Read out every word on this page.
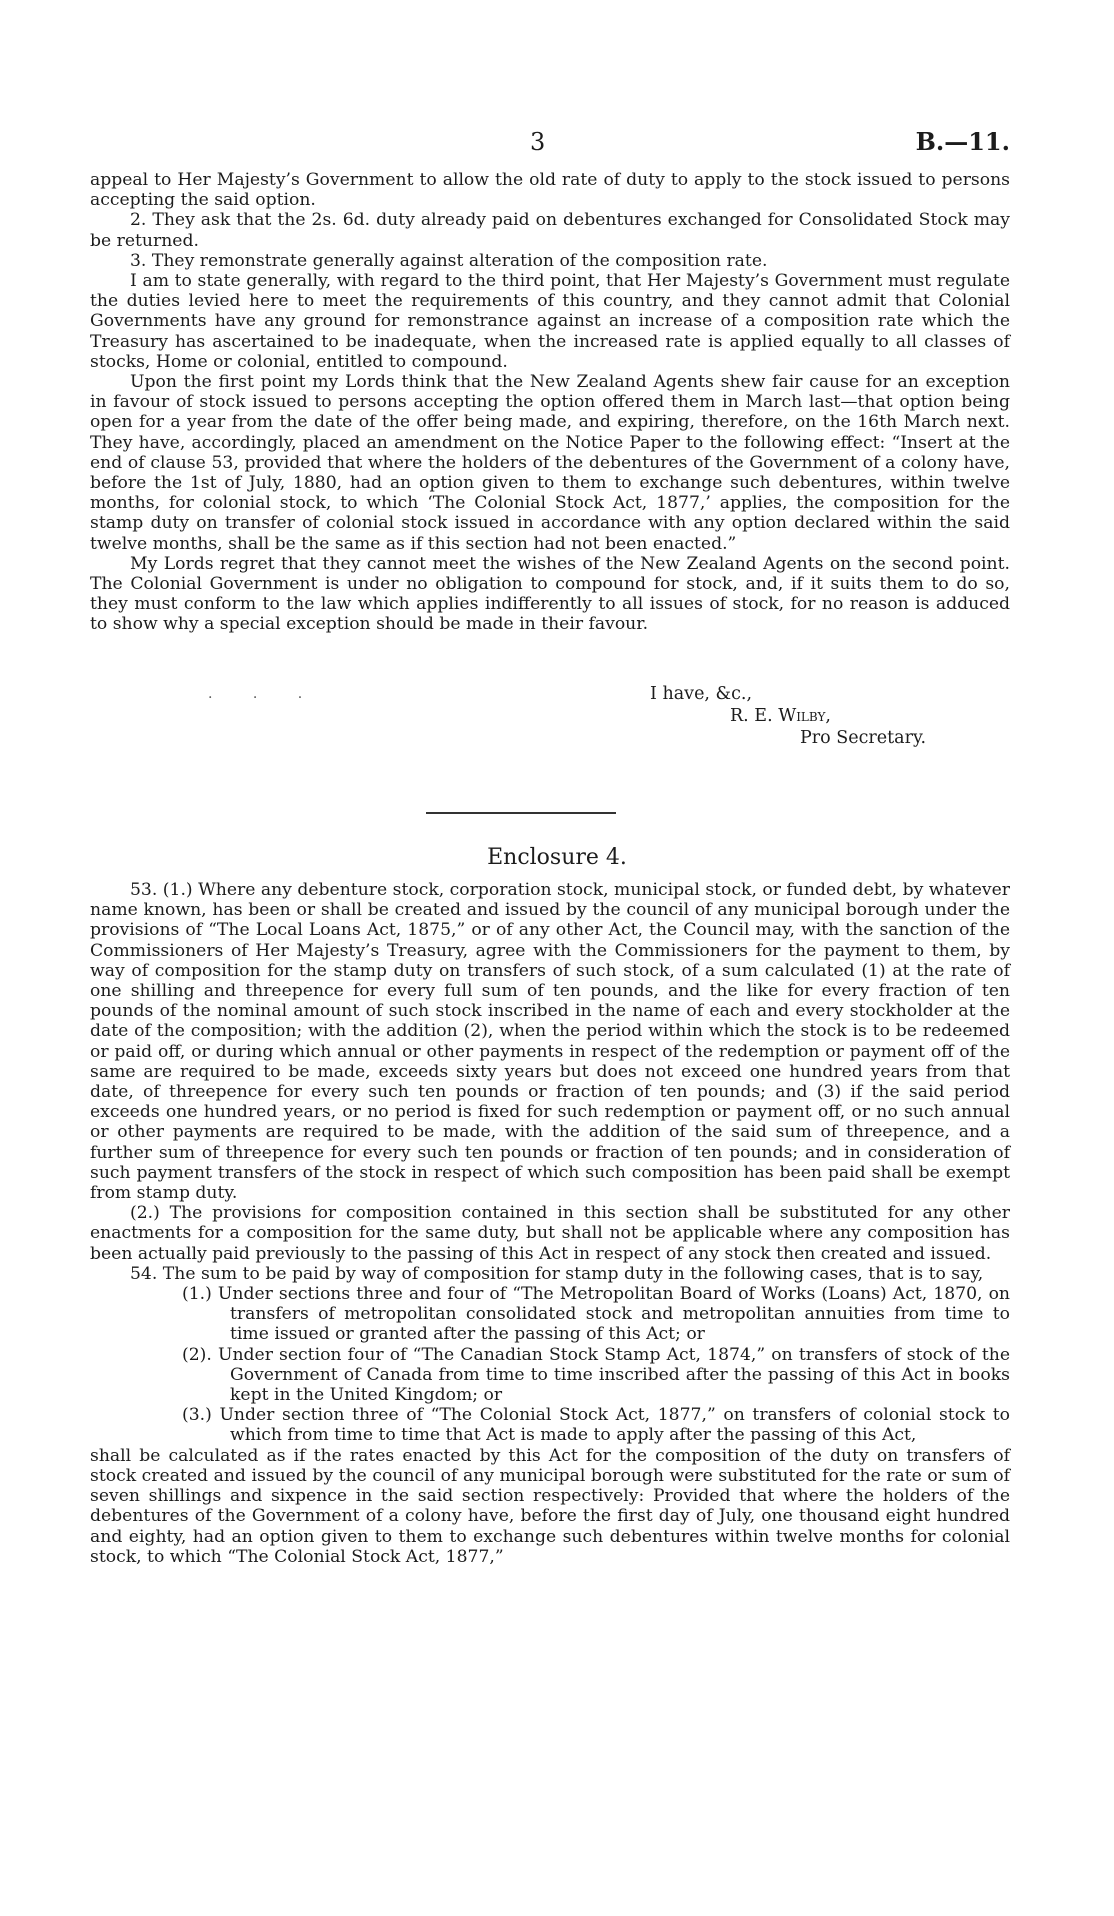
3	B.—11.

appeal to Her Majesty’s Government to allow the old rate of duty to apply to the stock issued to persons accepting the said option.

2. They ask that the 2s. 6d. duty already paid on debentures exchanged for Consolidated Stock may be returned.

3. They remonstrate generally against alteration of the composition rate.

I am to state generally, with regard to the third point, that Her Majesty’s Government must regulate the duties levied here to meet the requirements of this country, and they cannot admit that Colonial Governments have any ground for remonstrance against an increase of a composition rate which the Treasury has ascertained to be inadequate, when the increased rate is applied equally to all classes of stocks, Home or colonial, entitled to compound.

Upon the first point my Lords think that the New Zealand Agents shew fair cause for an exception in favour of stock issued to persons accepting the option offered them in March last—that option being open for a year from the date of the offer being made, and expiring, therefore, on the 16th March next. They have, accordingly, placed an amendment on the Notice Paper to the following effect: “Insert at the end of clause 53, provided that where the holders of the debentures of the Government of a colony have, before the 1st of July, 1880, had an option given to them to exchange such debentures, within twelve months, for colonial stock, to which ‘The Colonial Stock Act, 1877,’ applies, the composition for the stamp duty on transfer of colonial stock issued in accordance with any option declared within the said twelve months, shall be the same as if this section had not been enacted.”

My Lords regret that they cannot meet the wishes of the New Zealand Agents on the second point. The Colonial Government is under no obligation to compound for stock, and, if it suits them to do so, they must conform to the law which applies indifferently to all issues of stock, for no reason is adduced to show why a special exception should be made in their favour.

. . .	I have, &c.,
R. E. Wilby,
Pro Secretary.
Enclosure 4.

53. (1.) Where any debenture stock, corporation stock, municipal stock, or funded debt, by whatever name known, has been or shall be created and issued by the council of any municipal borough under the provisions of “The Local Loans Act, 1875,” or of any other Act, the Council may, with the sanction of the Commissioners of Her Majesty’s Treasury, agree with the Commissioners for the payment to them, by way of composition for the stamp duty on transfers of such stock, of a sum calculated (1) at the rate of one shilling and threepence for every full sum of ten pounds, and the like for every fraction of ten pounds of the nominal amount of such stock inscribed in the name of each and every stockholder at the date of the composition; with the addition (2), when the period within which the stock is to be redeemed or paid off, or during which annual or other payments in respect of the redemption or payment off of the same are required to be made, exceeds sixty years but does not exceed one hundred years from that date, of threepence for every such ten pounds or fraction of ten pounds; and (3) if the said period exceeds one hundred years, or no period is fixed for such redemption or payment off, or no such annual or other payments are required to be made, with the addition of the said sum of threepence, and a further sum of threepence for every such ten pounds or fraction of ten pounds; and in consideration of such payment transfers of the stock in respect of which such composition has been paid shall be exempt from stamp duty.

(2.) The provisions for composition contained in this section shall be substituted for any other enactments for a composition for the same duty, but shall not be applicable where any composition has been actually paid previously to the passing of this Act in respect of any stock then created and issued.

54. The sum to be paid by way of composition for stamp duty in the following cases, that is to say,

(1.) Under sections three and four of “The Metropolitan Board of Works (Loans) Act, 1870, on transfers of metropolitan consolidated stock and metropolitan annuities from time to time issued or granted after the passing of this Act; or

(2). Under section four of “The Canadian Stock Stamp Act, 1874,” on transfers of stock of the Government of Canada from time to time inscribed after the passing of this Act in books kept in the United Kingdom; or

(3.) Under section three of “The Colonial Stock Act, 1877,” on transfers of colonial stock to which from time to time that Act is made to apply after the passing of this Act,

shall be calculated as if the rates enacted by this Act for the composition of the duty on transfers of stock created and issued by the council of any municipal borough were substituted for the rate or sum of seven shillings and sixpence in the said section respectively: Provided that where the holders of the debentures of the Government of a colony have, before the first day of July, one thousand eight hundred and eighty, had an option given to them to exchange such debentures within twelve months for colonial stock, to which “The Colonial Stock Act, 1877,”
